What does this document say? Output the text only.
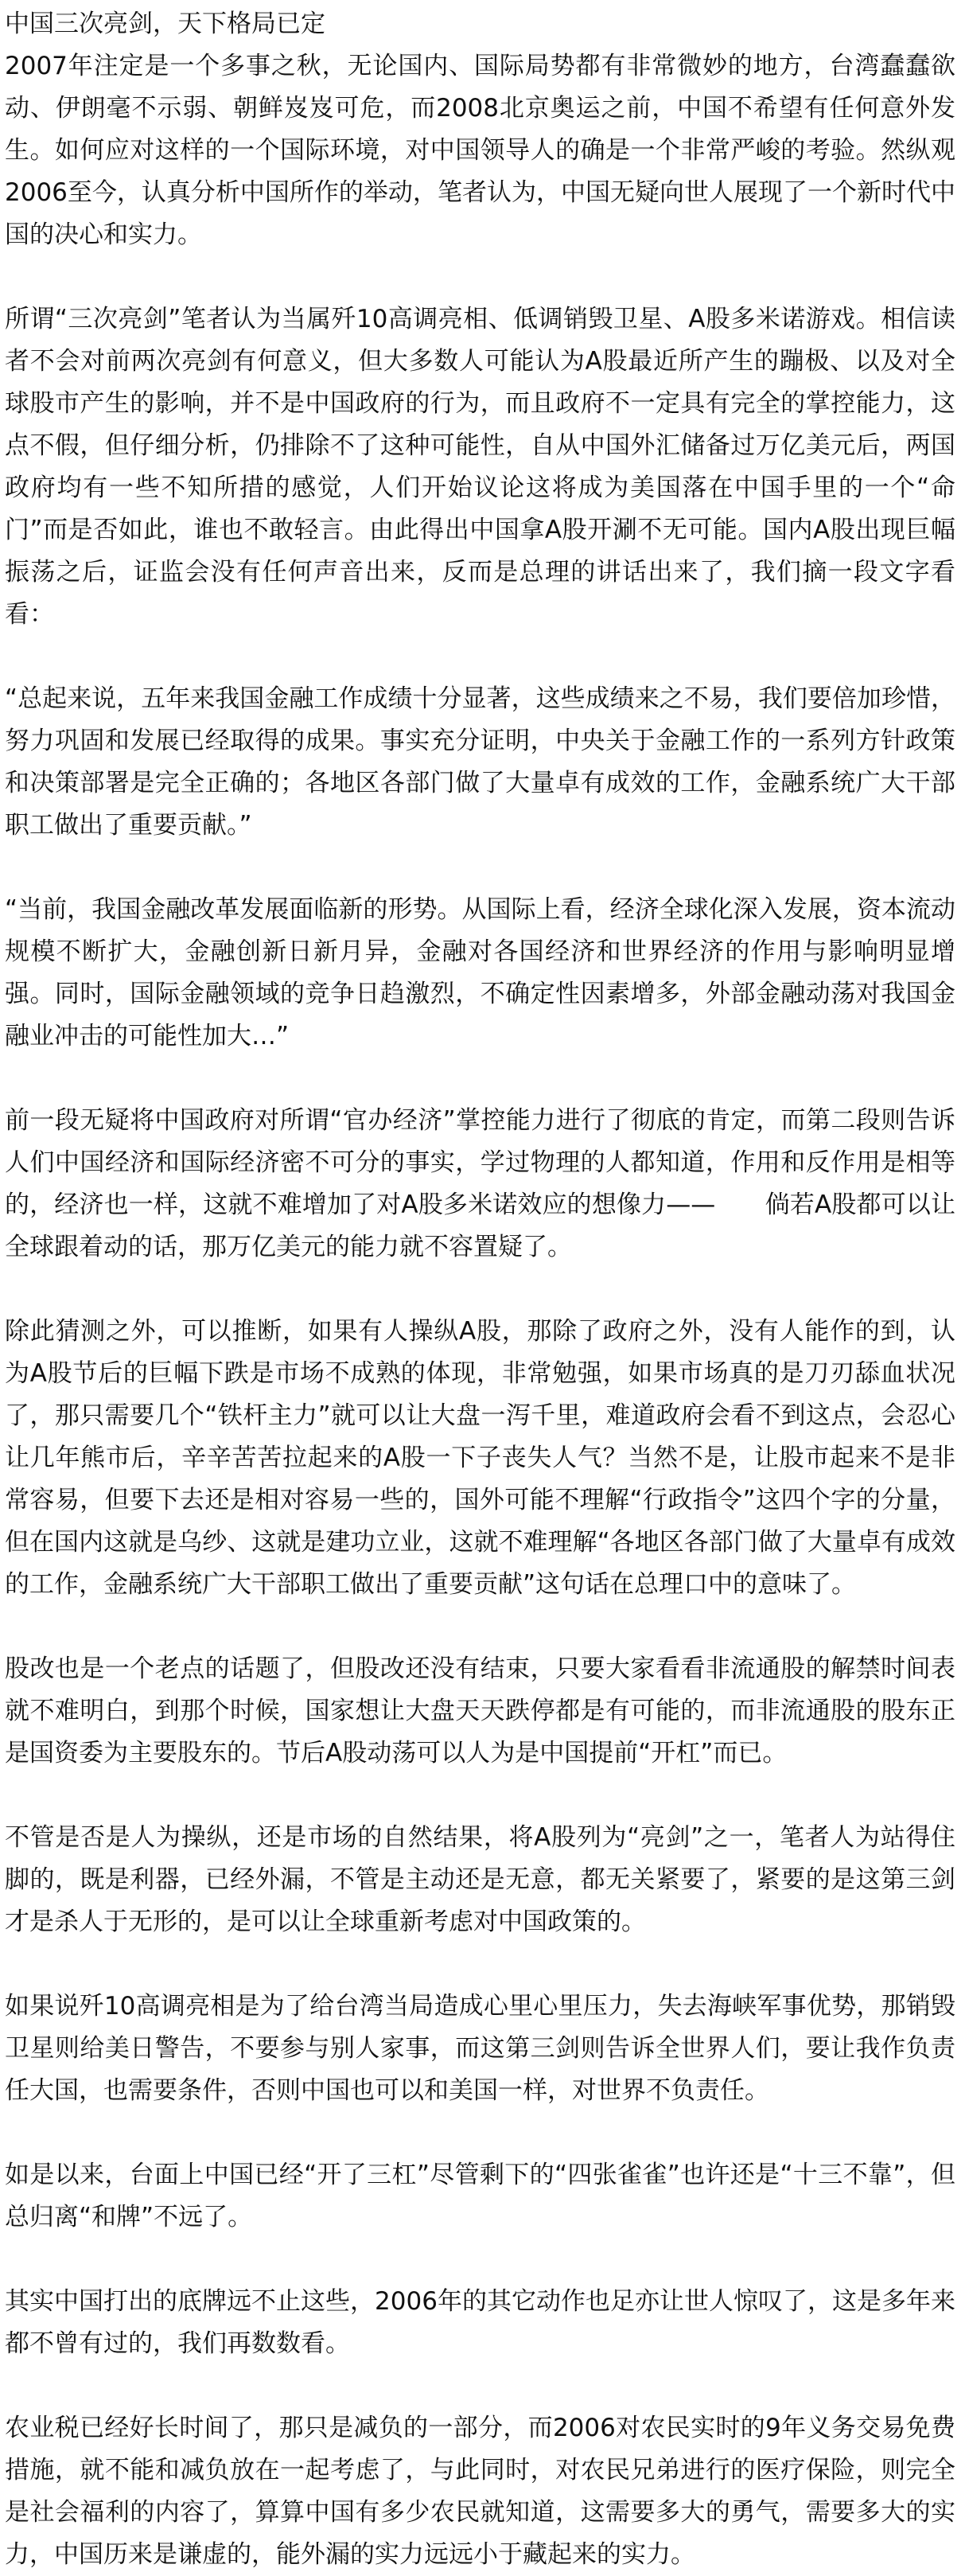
中国三次亮剑，天下格局已定

2007年注定是一个多事之秋，无论国内、国际局势都有非常微妙的地方，台湾蠢蠢欲动、伊朗毫不示弱、朝鲜岌岌可危，而2008北京奥运之前，中国不希望有任何意外发生。如何应对这样的一个国际环境，对中国领导人的确是一个非常严峻的考验。然纵观2006至今，认真分析中国所作的举动，笔者认为，中国无疑向世人展现了一个新时代中国的决心和实力。

所谓“三次亮剑”笔者认为当属歼10高调亮相、低调销毁卫星、A股多米诺游戏。相信读者不会对前两次亮剑有何意义，但大多数人可能认为A股最近所产生的蹦极、以及对全球股市产生的影响，并不是中国政府的行为，而且政府不一定具有完全的掌控能力，这点不假，但仔细分析，仍排除不了这种可能性，自从中国外汇储备过万亿美元后，两国政府均有一些不知所措的感觉，人们开始议论这将成为美国落在中国手里的一个“命门”而是否如此，谁也不敢轻言。由此得出中国拿A股开涮不无可能。国内A股出现巨幅振荡之后，证监会没有任何声音出来，反而是总理的讲话出来了，我们摘一段文字看看：

“总起来说，五年来我国金融工作成绩十分显著，这些成绩来之不易，我们要倍加珍惜，努力巩固和发展已经取得的成果。事实充分证明，中央关于金融工作的一系列方针政策和决策部署是完全正确的；各地区各部门做了大量卓有成效的工作，金融系统广大干部职工做出了重要贡献。”

“当前，我国金融改革发展面临新的形势。从国际上看，经济全球化深入发展，资本流动规模不断扩大，金融创新日新月异，金融对各国经济和世界经济的作用与影响明显增强。同时，国际金融领域的竞争日趋激烈，不确定性因素增多，外部金融动荡对我国金融业冲击的可能性加大…”

前一段无疑将中国政府对所谓“官办经济”掌控能力进行了彻底的肯定，而第二段则告诉人们中国经济和国际经济密不可分的事实，学过物理的人都知道，作用和反作用是相等的，经济也一样，这就不难增加了对A股多米诺效应的想像力——　　倘若A股都可以让全球跟着动的话，那万亿美元的能力就不容置疑了。

除此猜测之外，可以推断，如果有人操纵A股，那除了政府之外，没有人能作的到，认为A股节后的巨幅下跌是市场不成熟的体现，非常勉强，如果市场真的是刀刃舔血状况了，那只需要几个“铁杆主力”就可以让大盘一泻千里，难道政府会看不到这点，会忍心让几年熊市后，辛辛苦苦拉起来的A股一下子丧失人气？当然不是，让股市起来不是非常容易，但要下去还是相对容易一些的，国外可能不理解“行政指令”这四个字的分量，但在国内这就是乌纱、这就是建功立业，这就不难理解“各地区各部门做了大量卓有成效的工作，金融系统广大干部职工做出了重要贡献”这句话在总理口中的意味了。

股改也是一个老点的话题了，但股改还没有结束，只要大家看看非流通股的解禁时间表就不难明白，到那个时候，国家想让大盘天天跌停都是有可能的，而非流通股的股东正是国资委为主要股东的。节后A股动荡可以人为是中国提前“开杠”而已。

不管是否是人为操纵，还是市场的自然结果，将A股列为“亮剑”之一，笔者人为站得住脚的，既是利器，已经外漏，不管是主动还是无意，都无关紧要了，紧要的是这第三剑才是杀人于无形的，是可以让全球重新考虑对中国政策的。

如果说歼10高调亮相是为了给台湾当局造成心里心里压力，失去海峡军事优势，那销毁卫星则给美日警告，不要参与别人家事，而这第三剑则告诉全世界人们，要让我作负责任大国，也需要条件，否则中国也可以和美国一样，对世界不负责任。

如是以来，台面上中国已经“开了三杠”尽管剩下的“四张雀雀”也许还是“十三不靠”，但总归离“和牌”不远了。

其实中国打出的底牌远不止这些，2006年的其它动作也足亦让世人惊叹了，这是多年来都不曾有过的，我们再数数看。

农业税已经好长时间了，那只是减负的一部分，而2006对农民实时的9年义务交易免费措施，就不能和减负放在一起考虑了，与此同时，对农民兄弟进行的医疗保险，则完全是社会福利的内容了，算算中国有多少农民就知道，这需要多大的勇气，需要多大的实力，中国历来是谦虚的，能外漏的实力远远小于藏起来的实力。
